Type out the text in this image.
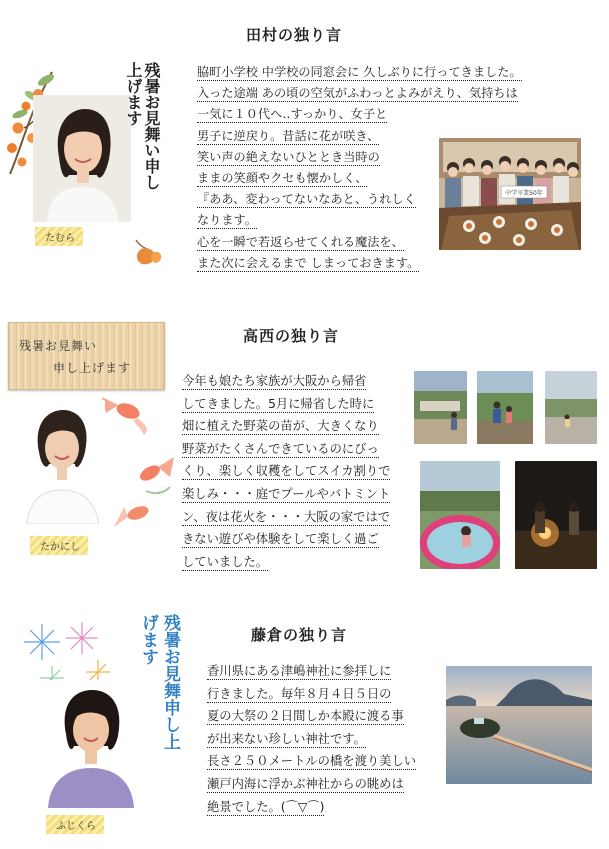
田村の独り言
残暑お見舞い申し上げます
たむら
脇町小学校 中学校の同窓会に 久しぶりに行ってきました。
入った途端 あの頃の空気がふわっとよみがえり、気持ちは
一気に１０代へ‥すっかり、女子と
男子に逆戻り。昔話に花が咲き、
笑い声の絶えないひととき当時の
ままの笑顔やクセも懐かしく、
『ああ、変わってないなあと、うれしく
なります。
心を一瞬で若返らせてくれる魔法を、
また次に会えるまで しまっておきます。
中学卒業50年
高西の独り言
残暑お見舞い
申し上げます
たかにし
今年も娘たち家族が大阪から帰省
してきました。5月に帰省した時に
畑に植えた野菜の苗が、大きくなり
野菜がたくさんできているのにびっ
くり、楽しく収穫をしてスイカ割りで
楽しみ・・・庭でプールやバトミント
ン、夜は花火を・・・大阪の家ではで
きない遊びや体験をして楽しく過ご
していました。
藤倉の独り言
残暑お見舞申し上げます
ふじくら
香川県にある津嶋神社に参拝しに
行きました。毎年８月４日５日の
夏の大祭の２日間しか本殿に渡る事
が出来ない珍しい神社です。
長さ２５０メートルの橋を渡り美しい
瀬戸内海に浮かぶ神社からの眺めは
絶景でした。(⌒▽⌒)
